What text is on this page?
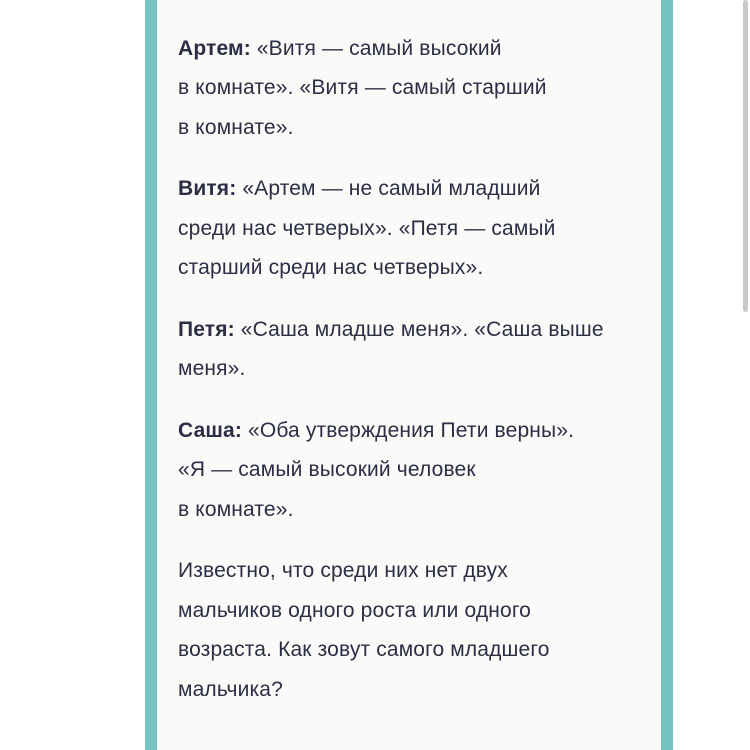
Артем: «Витя — самый высокий
в комнате». «Витя — самый старший
в комнате».

Витя: «Артем — не самый младший
среди нас четверых». «Петя — самый
старший среди нас четверых».

Петя: «Саша младше меня». «Саша выше
меня».

Саша: «Оба утверждения Пети верны».
«Я — самый высокий человек
в комнате».

Известно, что среди них нет двух
мальчиков одного роста или одного
возраста. Как зовут самого младшего
мальчика?
